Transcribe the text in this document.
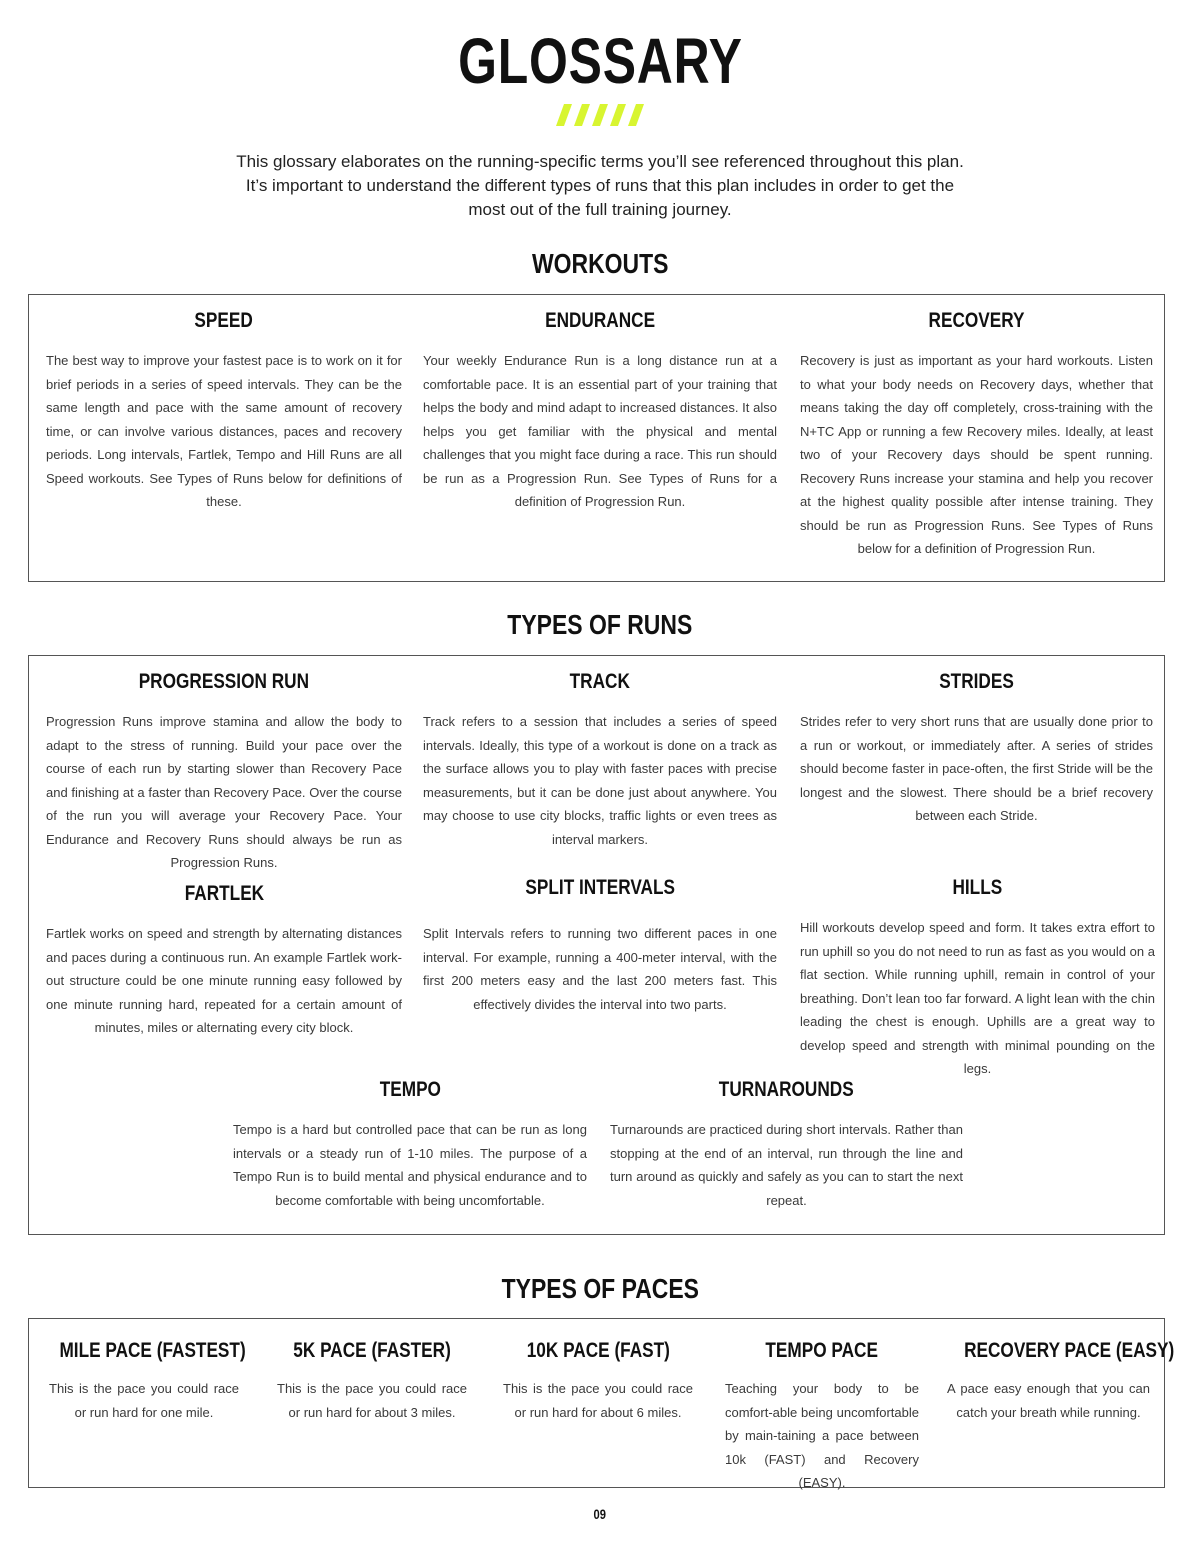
GLOSSARY

This glossary elaborates on the running-specific terms you’ll see referenced throughout this plan. It’s important to understand the different types of runs that this plan includes in order to get the most out of the full training journey.

WORKOUTS
SPEED

The best way to improve your fastest pace is to work on it for brief periods in a series of speed intervals. They can be the same length and pace with the same amount of recovery time, or can involve various distances, paces and recovery periods. Long intervals, Fartlek, Tempo and Hill Runs are all Speed workouts. See Types of Runs below for definitions of these.

ENDURANCE

Your weekly Endurance Run is a long distance run at a comfortable pace. It is an essential part of your training that helps the body and mind adapt to increased distances. It also helps you get familiar with the physical and mental challenges that you might face during a race. This run should be run as a Progression Run. See Types of Runs for a definition of Progression Run.

RECOVERY

Recovery is just as important as your hard workouts. Listen to what your body needs on Recovery days, whether that means taking the day off completely, cross-training with the N+TC App or running a few Recovery miles. Ideally, at least two of your Recovery days should be spent running. Recovery Runs increase your stamina and help you recover at the highest quality possible after intense training. They should be run as Progression Runs. See Types of Runs below for a definition of Progression Run.

TYPES OF RUNS
PROGRESSION RUN

Progression Runs improve stamina and allow the body to adapt to the stress of running. Build your pace over the course of each run by starting slower than Recovery Pace and finishing at a faster than Recovery Pace. Over the course of the run you will average your Recovery Pace. Your Endurance and Recovery Runs should always be run as Progression Runs.

TRACK

Track refers to a session that includes a series of speed intervals. Ideally, this type of a workout is done on a track as the surface allows you to play with faster paces with precise measurements, but it can be done just about anywhere. You may choose to use city blocks, traffic lights or even trees as interval markers.

STRIDES

Strides refer to very short runs that are usually done prior to a run or workout, or immediately after. A series of strides should become faster in pace-often, the first Stride will be the longest and the slowest. There should be a brief recovery between each Stride.

FARTLEK

Fartlek works on speed and strength by alternating distances and paces during a continuous run. An example Fartlek work-out structure could be one minute running easy followed by one minute running hard, repeated for a certain amount of minutes, miles or alternating every city block.

SPLIT INTERVALS

Split Intervals refers to running two different paces in one interval. For example, running a 400-meter interval, with the first 200 meters easy and the last 200 meters fast. This effectively divides the interval into two parts.

HILLS

Hill workouts develop speed and form. It takes extra effort to run uphill so you do not need to run as fast as you would on a flat section. While running uphill, remain in control of your breathing. Don’t lean too far forward. A light lean with the chin leading the chest is enough. Uphills are a great way to develop speed and strength with minimal pounding on the legs.

TEMPO

Tempo is a hard but controlled pace that can be run as long intervals or a steady run of 1-10 miles. The purpose of a Tempo Run is to build mental and physical endurance and to become comfortable with being uncomfortable.

TURNAROUNDS

Turnarounds are practiced during short intervals. Rather than stopping at the end of an interval, run through the line and turn around as quickly and safely as you can to start the next repeat.

TYPES OF PACES
MILE PACE (FASTEST)

This is the pace you could race or run hard for one mile.

5K PACE (FASTER)

This is the pace you could race or run hard for about 3 miles.

10K PACE (FAST)

This is the pace you could race or run hard for about 6 miles.

TEMPO PACE

Teaching your body to be comfort-able being uncomfortable by main-taining a pace between 10k (FAST) and Recovery (EASY).

RECOVERY PACE (EASY)

A pace easy enough that you can catch your breath while running.

09
